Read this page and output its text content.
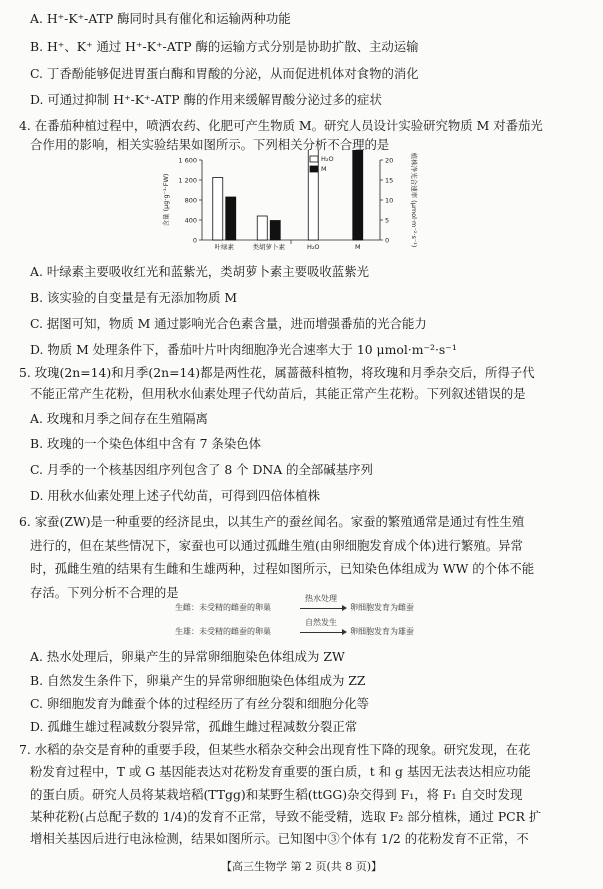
A. H⁺-K⁺-ATP 酶同时具有催化和运输两种功能
B. H⁺、K⁺ 通过 H⁺-K⁺-ATP 酶的运输方式分别是协助扩散、主动运输
C. 丁香酚能够促进胃蛋白酶和胃酸的分泌，从而促进机体对食物的消化
D. 可通过抑制 H⁺-K⁺-ATP 酶的作用来缓解胃酸分泌过多的症状
4. 在番茄种植过程中，喷洒农药、化肥可产生物质 M。研究人员设计实验研究物质 M 对番茄光
合作用的影响，相关实验结果如图所示。下列相关分析不合理的是
0
400
800
1 200
1 600
0
5
10
15
20
含量 (μg·g⁻¹·FW)	植株净光合速率 (μmol·m⁻²·s⁻¹)
叶绿素	类胡萝卜素	H₂O	M
H₂O
M
A. 叶绿素主要吸收红光和蓝紫光，类胡萝卜素主要吸收蓝紫光
B. 该实验的自变量是有无添加物质 M
C. 据图可知，物质 M 通过影响光合色素含量，进而增强番茄的光合能力
D. 物质 M 处理条件下，番茄叶片叶肉细胞净光合速率大于 10 μmol·m⁻²·s⁻¹
5. 玫瑰(2n=14)和月季(2n=14)都是两性花，属蔷薇科植物，将玫瑰和月季杂交后，所得子代
不能正常产生花粉，但用秋水仙素处理子代幼苗后，其能正常产生花粉。下列叙述错误的是
A. 玫瑰和月季之间存在生殖隔离
B. 玫瑰的一个染色体组中含有 7 条染色体
C. 月季的一个核基因组序列包含了 8 个 DNA 的全部碱基序列
D. 用秋水仙素处理上述子代幼苗，可得到四倍体植株
6. 家蚕(ZW)是一种重要的经济昆虫，以其生产的蚕丝闻名。家蚕的繁殖通常是通过有性生殖
进行的，但在某些情况下，家蚕也可以通过孤雌生殖(由卵细胞发育成个体)进行繁殖。异常
时，孤雌生殖的结果有生雌和生雄两种，过程如图所示，已知染色体组成为 WW 的个体不能
存活。下列分析不合理的是
生雌：未受精的雌蚕的卵巢
热水处理
卵细胞发育为雌蚕
生雄：未受精的雌蚕的卵巢
自然发生
卵细胞发育为雄蚕
A. 热水处理后，卵巢产生的异常卵细胞染色体组成为 ZW
B. 自然发生条件下，卵巢产生的异常卵细胞染色体组成为 ZZ
C. 卵细胞发育为雌蚕个体的过程经历了有丝分裂和细胞分化等
D. 孤雌生雄过程减数分裂异常，孤雌生雌过程减数分裂正常
7. 水稻的杂交是育种的重要手段，但某些水稻杂交种会出现育性下降的现象。研究发现，在花
粉发育过程中，T 或 G 基因能表达对花粉发育重要的蛋白质，t 和 g 基因无法表达相应功能
的蛋白质。研究人员将某栽培稻(TTgg)和某野生稻(ttGG)杂交得到 F₁，将 F₁ 自交时发现
某种花粉(占总配子数的 1/4)的发育不正常，导致不能受精，选取 F₂ 部分植株，通过 PCR 扩
增相关基因后进行电泳检测，结果如图所示。已知图中③个体有 1/2 的花粉发育不正常，不
【高三生物学 第 2 页(共 8 页)】
